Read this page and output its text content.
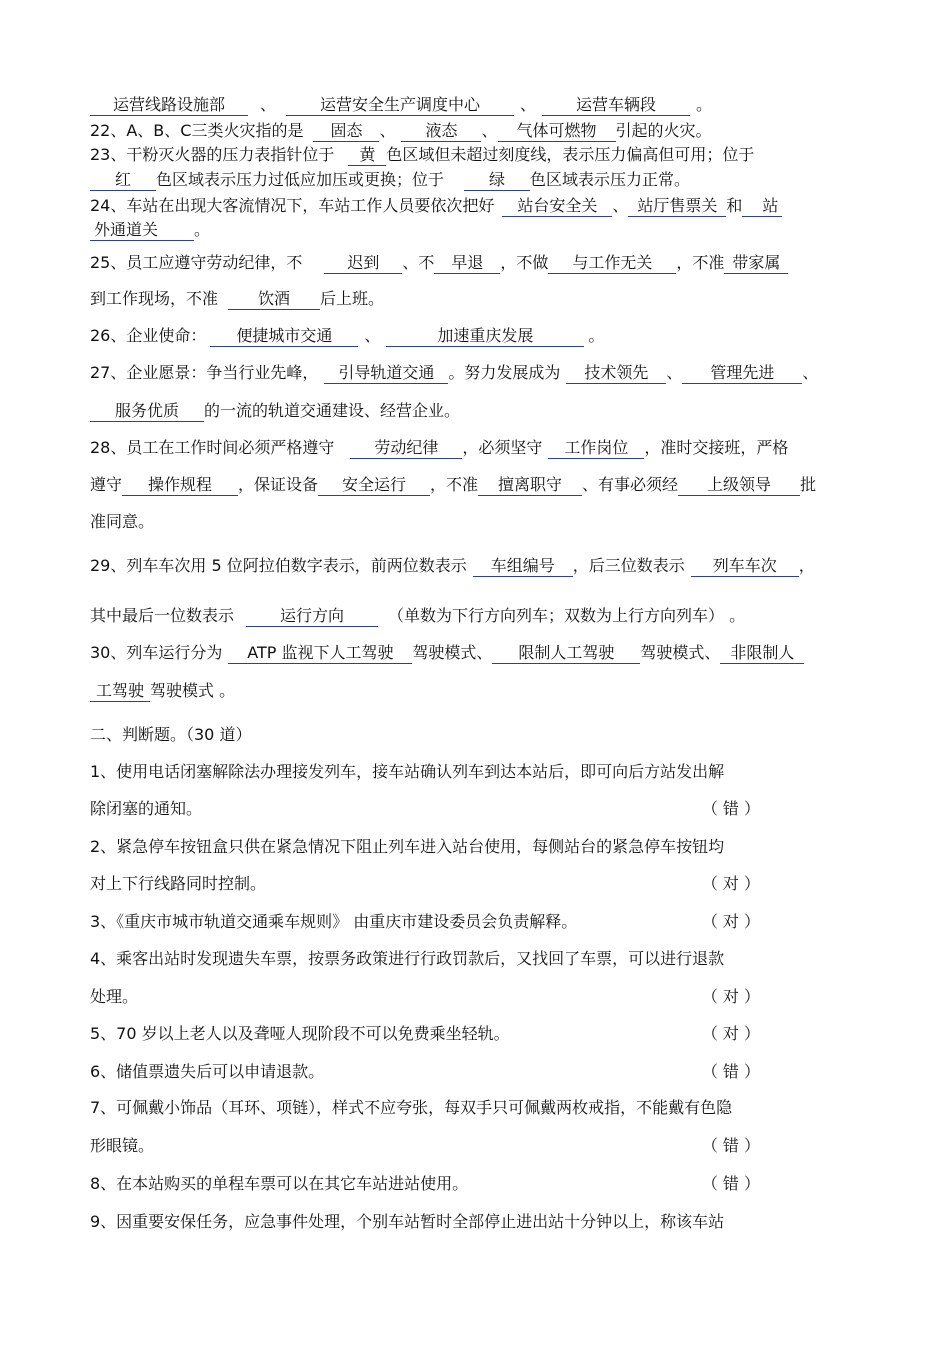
运营线路设施部 、	运营安全生产调度中心	、 运营车辆段	。
22、A、B、C三类火灾指的是 固态 、 液态 、 气体可燃物 引起的火灾。
23、干粉灭火器的压力表指针位于 黄 色区域但未超过刻度线，表示压力偏高但可用；位于
红 色区域表示压力过低应加压或更换；位于	绿 色区域表示压力正常。
24、车站在出现大客流情况下，车站工作人员要依次把好 站台安全关 、 站厅售票关 和 站
外通道关 。
25、员工应遵守劳动纪律，不	迟到 、不 早退 ，不做 与工作无关 ，不准 带家属
到工作现场，不准 饮酒 后上班。
26、企业使命： 便捷城市交通 、	加速重庆发展	。
27、企业愿景：争当行业先峰， 引导轨道交通 。努力发展成为 技术领先 、 管理先进 、
服务优质 的一流的轨道交通建设、经营企业。
28、员工在工作时间必须严格遵守 劳动纪律 ，必须坚守 工作岗位 ，准时交接班，严格
遵守 操作规程 ，保证设备 安全运行 ，不准 擅离职守 、有事必须经 上级领导 批
准同意。
29、列车车次用 5 位阿拉伯数字表示，前两位数表示 车组编号 ，后三位数表示 列车车次 ，
其中最后一位数表示	运行方向	（单数为下行方向列车；双数为上行方向列车） 。
30、列车运行分为 ATP 监视下人工驾驶 驾驶模式、 限制人工驾驶 驾驶模式、 非限制人
工驾驶 驾驶模式 。
二、判断题。（30 道）
1、使用电话闭塞解除法办理接发列车，接车站确认列车到达本站后，即可向后方站发出解
除闭塞的通知。	（ 错 ）
2、紧急停车按钮盒只供在紧急情况下阻止列车进入站台使用，每侧站台的紧急停车按钮均
对上下行线路同时控制。	（ 对 ）
3、《重庆市城市轨道交通乘车规则》 由重庆市建设委员会负责解释。	（ 对 ）
4、乘客出站时发现遗失车票，按票务政策进行行政罚款后，又找回了车票，可以进行退款
处理。	（ 对 ）
5、70 岁以上老人以及聋哑人现阶段不可以免费乘坐轻轨。	（ 对 ）
6、储值票遗失后可以申请退款。	（ 错 ）
7、可佩戴小饰品（耳环、项链），样式不应夸张，每双手只可佩戴两枚戒指，不能戴有色隐
形眼镜。	（ 错 ）
8、在本站购买的单程车票可以在其它车站进站使用。	（ 错 ）
9、因重要安保任务，应急事件处理，个别车站暂时全部停止进出站十分钟以上，称该车站
